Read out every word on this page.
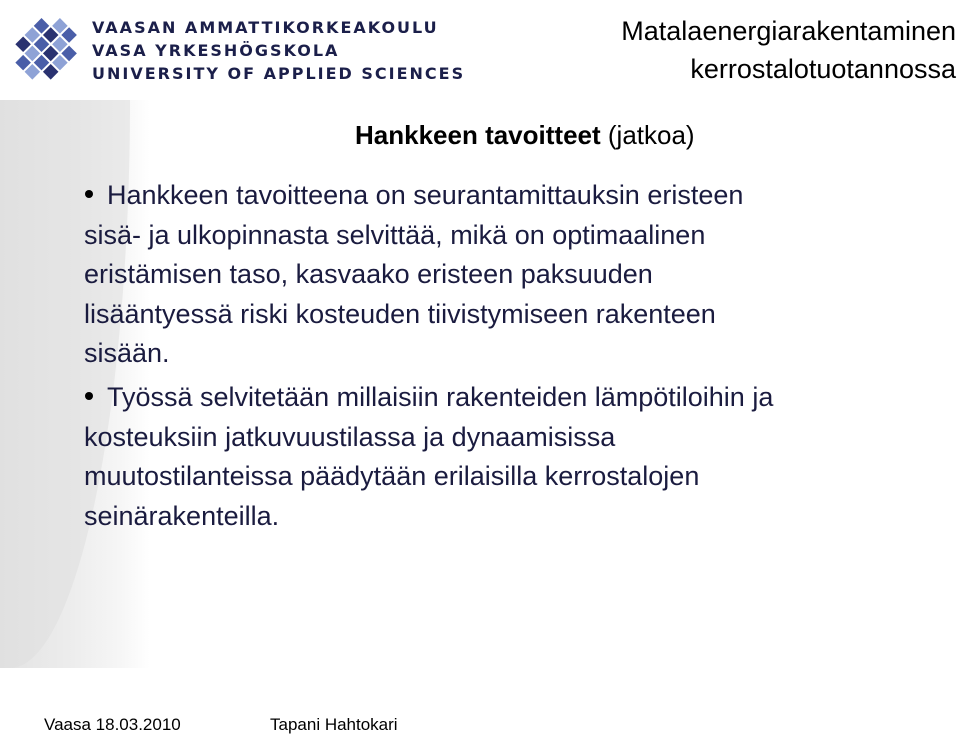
VAASAN AMMATTIKORKEAKOULU
VASA YRKESHÖGSKOLA
UNIVERSITY OF APPLIED SCIENCES
Matalaenergiarakentaminen
kerrostalotuotannossa
Hankkeen tavoitteet (jatkoa)
Hankkeen tavoitteena on seurantamittauksin eristeen
sisä- ja ulkopinnasta selvittää, mikä on optimaalinen
eristämisen taso, kasvaako eristeen paksuuden
lisääntyessä riski kosteuden tiivistymiseen rakenteen
sisään.
Työssä selvitetään millaisiin rakenteiden lämpötiloihin ja
kosteuksiin jatkuvuustilassa ja dynaamisissa
muutostilanteissa päädytään erilaisilla kerrostalojen
seinärakenteilla.
Vaasa 18.03.2010	Tapani Hahtokari
